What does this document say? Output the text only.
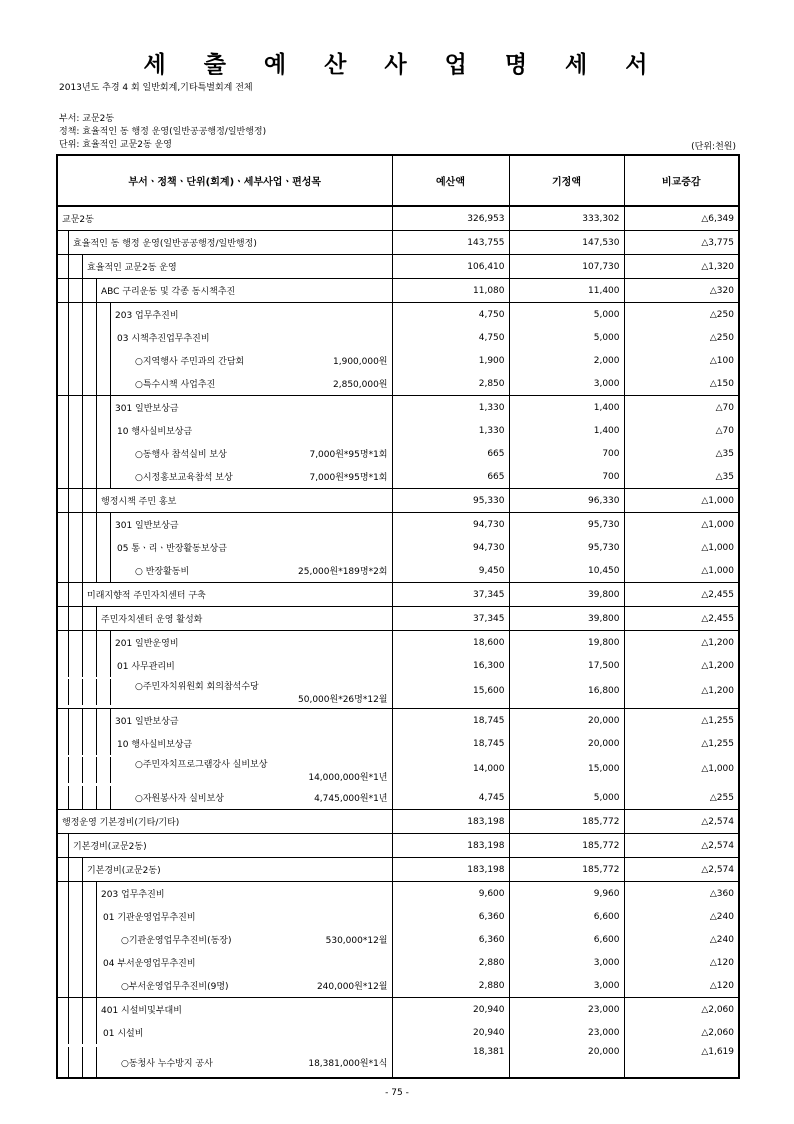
세 출 예 산 사 업 명 세 서
2013년도 추경 4 회 일반회계,기타특별회계 전체
부서: 교문2동
정책: 효율적인 동 행정 운영(일반공공행정/일반행정)
단위: 효율적인 교문2동 운영	(단위:천원)
부서ㆍ정책ㆍ단위(회계)ㆍ세부사업ㆍ편성목	예산액	기정액	비교증감

교문2동	326,953	333,302	△6,349

효율적인 동 행정 운영(일반공공행정/일반행정)	143,755	147,530	△3,775

효율적인 교문2동 운영	106,410	107,730	△1,320

ABC 구리운동 및 각종 동시책추진	11,080	11,400	△320

203 업무추진비	4,750	5,000	△250

03 시책추진업무추진비	4,750	5,000	△250

○지역행사 주민과의 간담회 1,900,000원	1,900	2,000	△100

○특수시책 사업추진 2,850,000원	2,850	3,000	△150

301 일반보상금	1,330	1,400	△70

10 행사실비보상금	1,330	1,400	△70

○동행사 참석실비 보상 7,000원*95명*1회	665	700	△35

○시정홍보교육참석 보상 7,000원*95명*1회	665	700	△35

행정시책 주민 홍보	95,330	96,330	△1,000

301 일반보상금	94,730	95,730	△1,000

05 통ㆍ리ㆍ반장활동보상금	94,730	95,730	△1,000

○ 반장활동비 25,000원*189명*2회	9,450	10,450	△1,000

미래지향적 주민자치센터 구축	37,345	39,800	△2,455

주민자치센터 운영 활성화	37,345	39,800	△2,455

201 일반운영비	18,600	19,800	△1,200

01 사무관리비	16,300	17,500	△1,200

○주민자치위원회 회의참석수당
50,000원*26명*12월	15,600	16,800	△1,200

301 일반보상금	18,745	20,000	△1,255

10 행사실비보상금	18,745	20,000	△1,255

○주민자치프로그램강사 실비보상
14,000,000원*1년	14,000	15,000	△1,000

○자원봉사자 실비보상 4,745,000원*1년	4,745	5,000	△255

행정운영 기본경비(기타/기타)	183,198	185,772	△2,574

기본경비(교문2동)	183,198	185,772	△2,574

기본경비(교문2동)	183,198	185,772	△2,574

203 업무추진비	9,600	9,960	△360

01 기관운영업무추진비	6,360	6,600	△240

○기관운영업무추진비(동장) 530,000*12월	6,360	6,600	△240

04 부서운영업무추진비	2,880	3,000	△120

○부서운영업무추진비(9명) 240,000원*12월	2,880	3,000	△120

401 시설비및부대비	20,940	23,000	△2,060

01 시설비	20,940	23,000	△2,060

○동청사 누수방지 공사 18,381,000원*1식	18,381	20,000	△1,619
- 75 -
